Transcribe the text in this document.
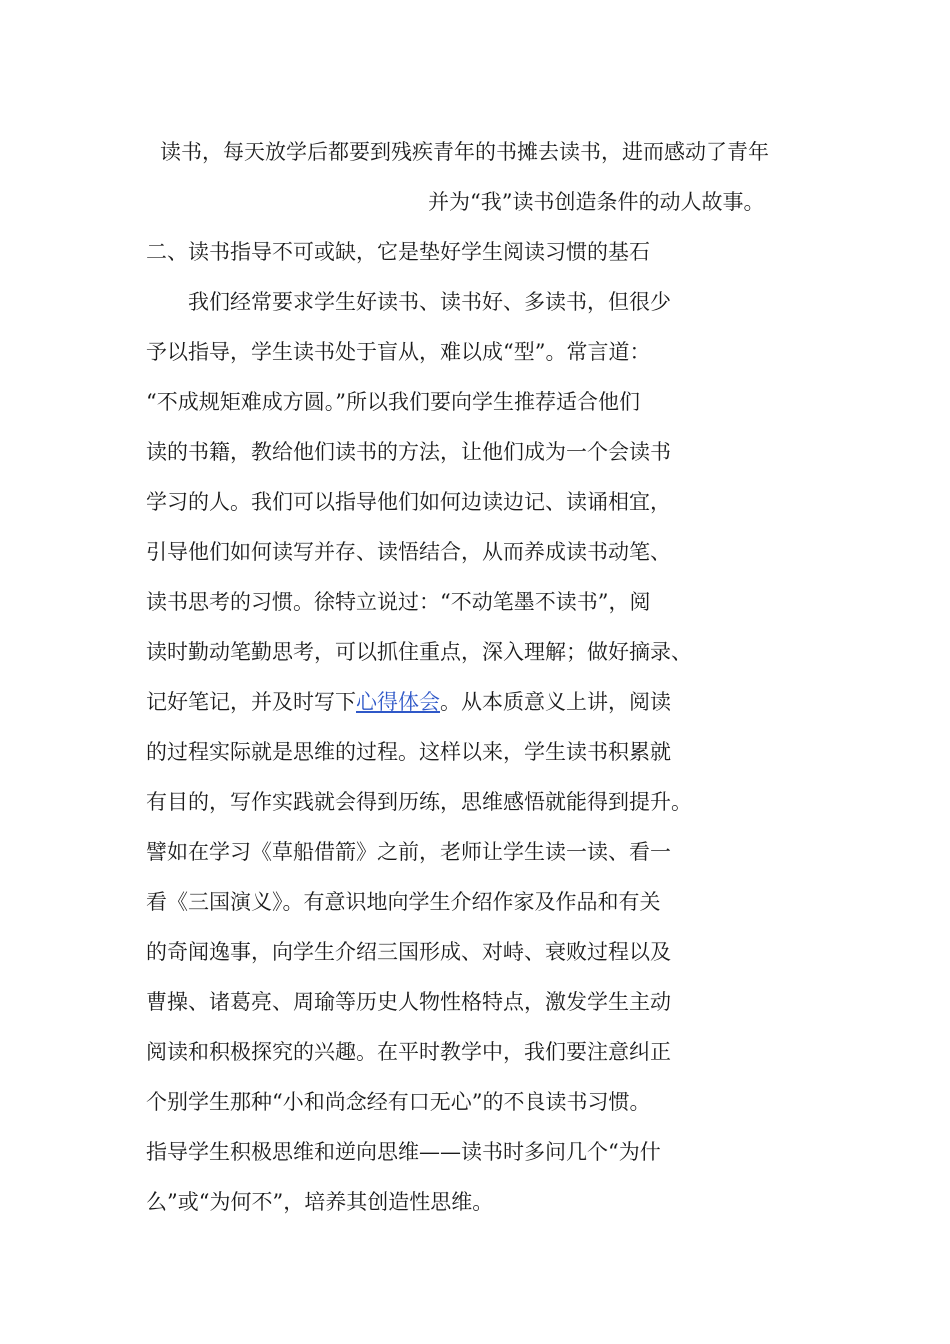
读书，每天放学后都要到残疾青年的书摊去读书，进而感动了青年
并为“我”读书创造条件的动人故事。
二、读书指导不可或缺，它是垫好学生阅读习惯的基石
我们经常要求学生好读书、读书好、多读书，但很少
予以指导，学生读书处于盲从，难以成“型”。常言道：
“不成规矩难成方圆。”所以我们要向学生推荐适合他们
读的书籍，教给他们读书的方法，让他们成为一个会读书
学习的人。我们可以指导他们如何边读边记、读诵相宜，
引导他们如何读写并存、读悟结合，从而养成读书动笔、
读书思考的习惯。徐特立说过：“不动笔墨不读书”，阅
读时勤动笔勤思考，可以抓住重点，深入理解；做好摘录、
记好笔记，并及时写下心得体会。从本质意义上讲，阅读
的过程实际就是思维的过程。这样以来，学生读书积累就
有目的，写作实践就会得到历练，思维感悟就能得到提升。
譬如在学习《草船借箭》之前，老师让学生读一读、看一
看《三国演义》。有意识地向学生介绍作家及作品和有关
的奇闻逸事，向学生介绍三国形成、对峙、衰败过程以及
曹操、诸葛亮、周瑜等历史人物性格特点，激发学生主动
阅读和积极探究的兴趣。在平时教学中，我们要注意纠正
个别学生那种“小和尚念经有口无心”的不良读书习惯。
指导学生积极思维和逆向思维——读书时多问几个“为什
么”或“为何不”，培养其创造性思维。
